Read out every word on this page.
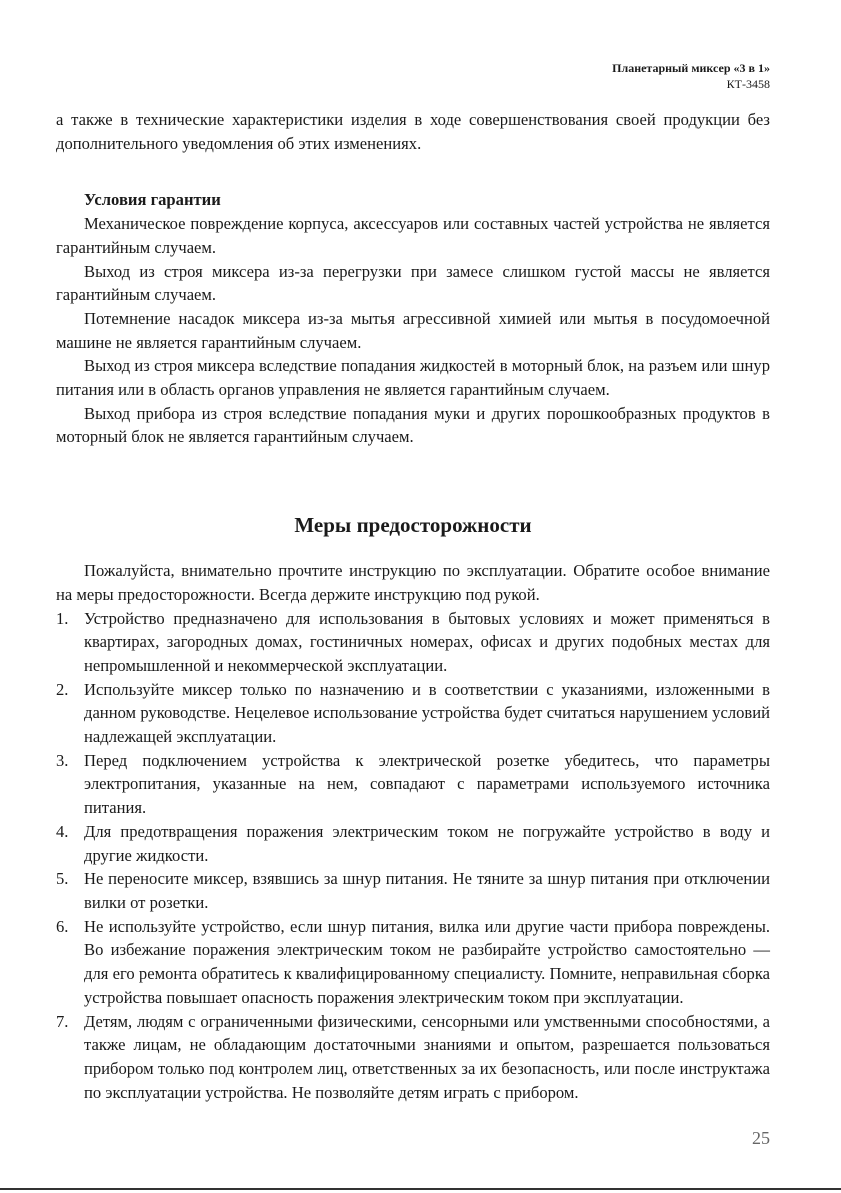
Планетарный миксер «3 в 1»
КТ-3458

а также в технические характеристики изделия в ходе совершенствования своей продукции без дополнительного уведомления об этих изменениях.

Условия гарантии

Механическое повреждение корпуса, аксессуаров или составных частей устройства не является гарантийным случаем.

Выход из строя миксера из-за перегрузки при замесе слишком густой массы не является гарантийным случаем.

Потемнение насадок миксера из-за мытья агрессивной химией или мытья в посудомоечной машине не является гарантийным случаем.

Выход из строя миксера вследствие попадания жидкостей в моторный блок, на разъем или шнур питания или в область органов управления не является гарантийным случаем.

Выход прибора из строя вследствие попадания муки и других порошкообразных продуктов в моторный блок не является гарантийным случаем.

Меры предосторожности

Пожалуйста, внимательно прочтите инструкцию по эксплуатации. Обратите особое внимание на меры предосторожности. Всегда держите инструкцию под рукой.

1. Устройство предназначено для использования в бытовых условиях и может применяться в квартирах, загородных домах, гостиничных номерах, офисах и других подобных местах для непромышленной и некоммерческой эксплуатации.
2. Используйте миксер только по назначению и в соответствии с указаниями, изложенными в данном руководстве. Нецелевое использование устройства будет считаться нарушением условий надлежащей эксплуатации.
3. Перед подключением устройства к электрической розетке убедитесь, что параметры электропитания, указанные на нем, совпадают с параметрами используемого источника питания.
4. Для предотвращения поражения электрическим током не погружайте устройство в воду и другие жидкости.
5. Не переносите миксер, взявшись за шнур питания. Не тяните за шнур питания при отключении вилки от розетки.
6. Не используйте устройство, если шнур питания, вилка или другие части прибора повреждены. Во избежание поражения электрическим током не разбирайте устройство самостоятельно — для его ремонта обратитесь к квалифицированному специалисту. Помните, неправильная сборка устройства повышает опасность поражения электрическим током при эксплуатации.
7. Детям, людям с ограниченными физическими, сенсорными или умственными способностями, а также лицам, не обладающим достаточными знаниями и опытом, разрешается пользоваться прибором только под контролем лиц, ответственных за их безопасность, или после инструктажа по эксплуатации устройства. Не позволяйте детям играть с прибором.
25
